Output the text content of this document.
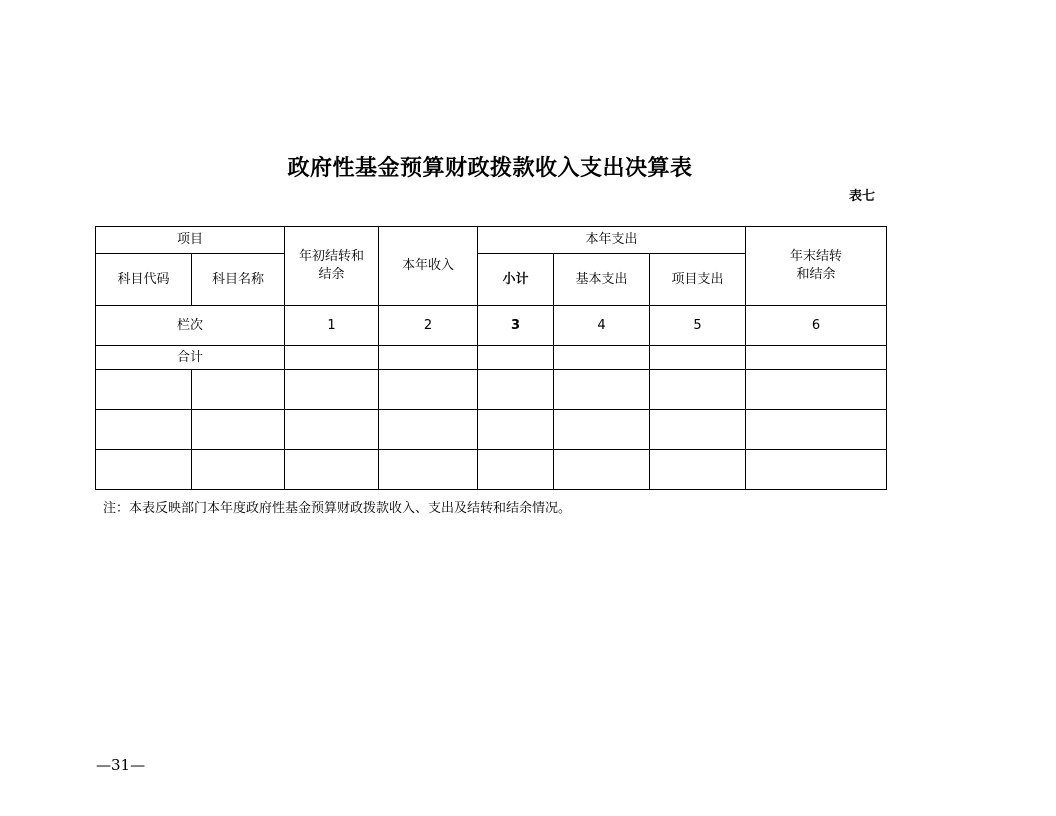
政府性基金预算财政拨款收入支出决算表
表七
项目		年初结转和结余	本年收入	本年支出			年末结转和结余
科目代码	科目名称			小计	基本支出	项目支出	
栏次		1	2	3	4	5	6
合计							

注：本表反映部门本年度政府性基金预算财政拨款收入、支出及结转和结余情况。
—31—
